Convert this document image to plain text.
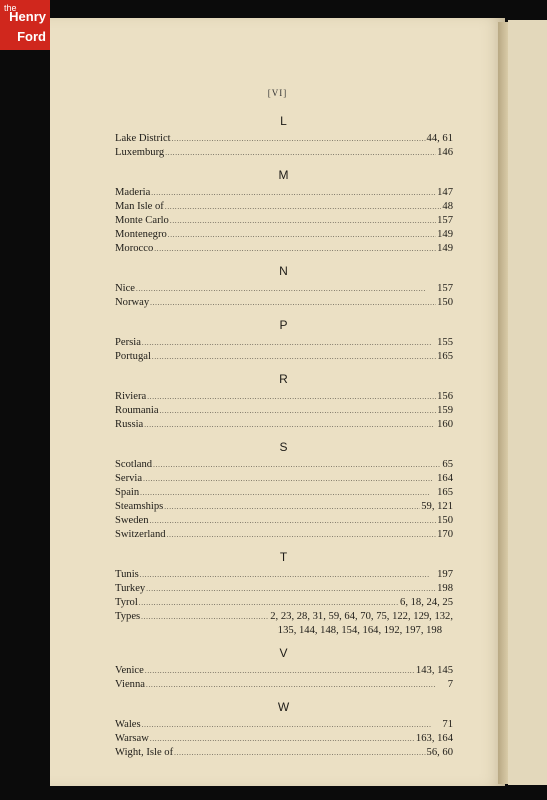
the
Henry
Ford
[VI]
L
Lake District . . .	44, 61
Luxemburg . . .	146
M
Maderia . . .	147
Man Isle of . . .	48
Monte Carlo . . .	157
Montenegro . . .	149
Morocco . . .	149
N
Nice . . .	157
Norway . . .	150
P
Persia . . .	155
Portugal . . .	165
R
Riviera . . .	156
Roumania . . .	159
Russia . . .	160
S
Scotland . . .	65
Servia . . .	164
Spain . . .	165
Steamships . . .	59, 121
Sweden . . .	150
Switzerland . . .	170
T
Tunis . . .	197
Turkey . . .	198
Tyrol . . .	6, 18, 24, 25
Types . . .	2, 23, 28, 31, 59, 64, 70, 75, 122, 129, 132,
135, 144, 148, 154, 164, 192, 197, 198
V
Venice . . .	143, 145
Vienna . . .	7
W
Wales . . .	71
Warsaw . . .	163, 164
Wight, Isle of . . .	56, 60
